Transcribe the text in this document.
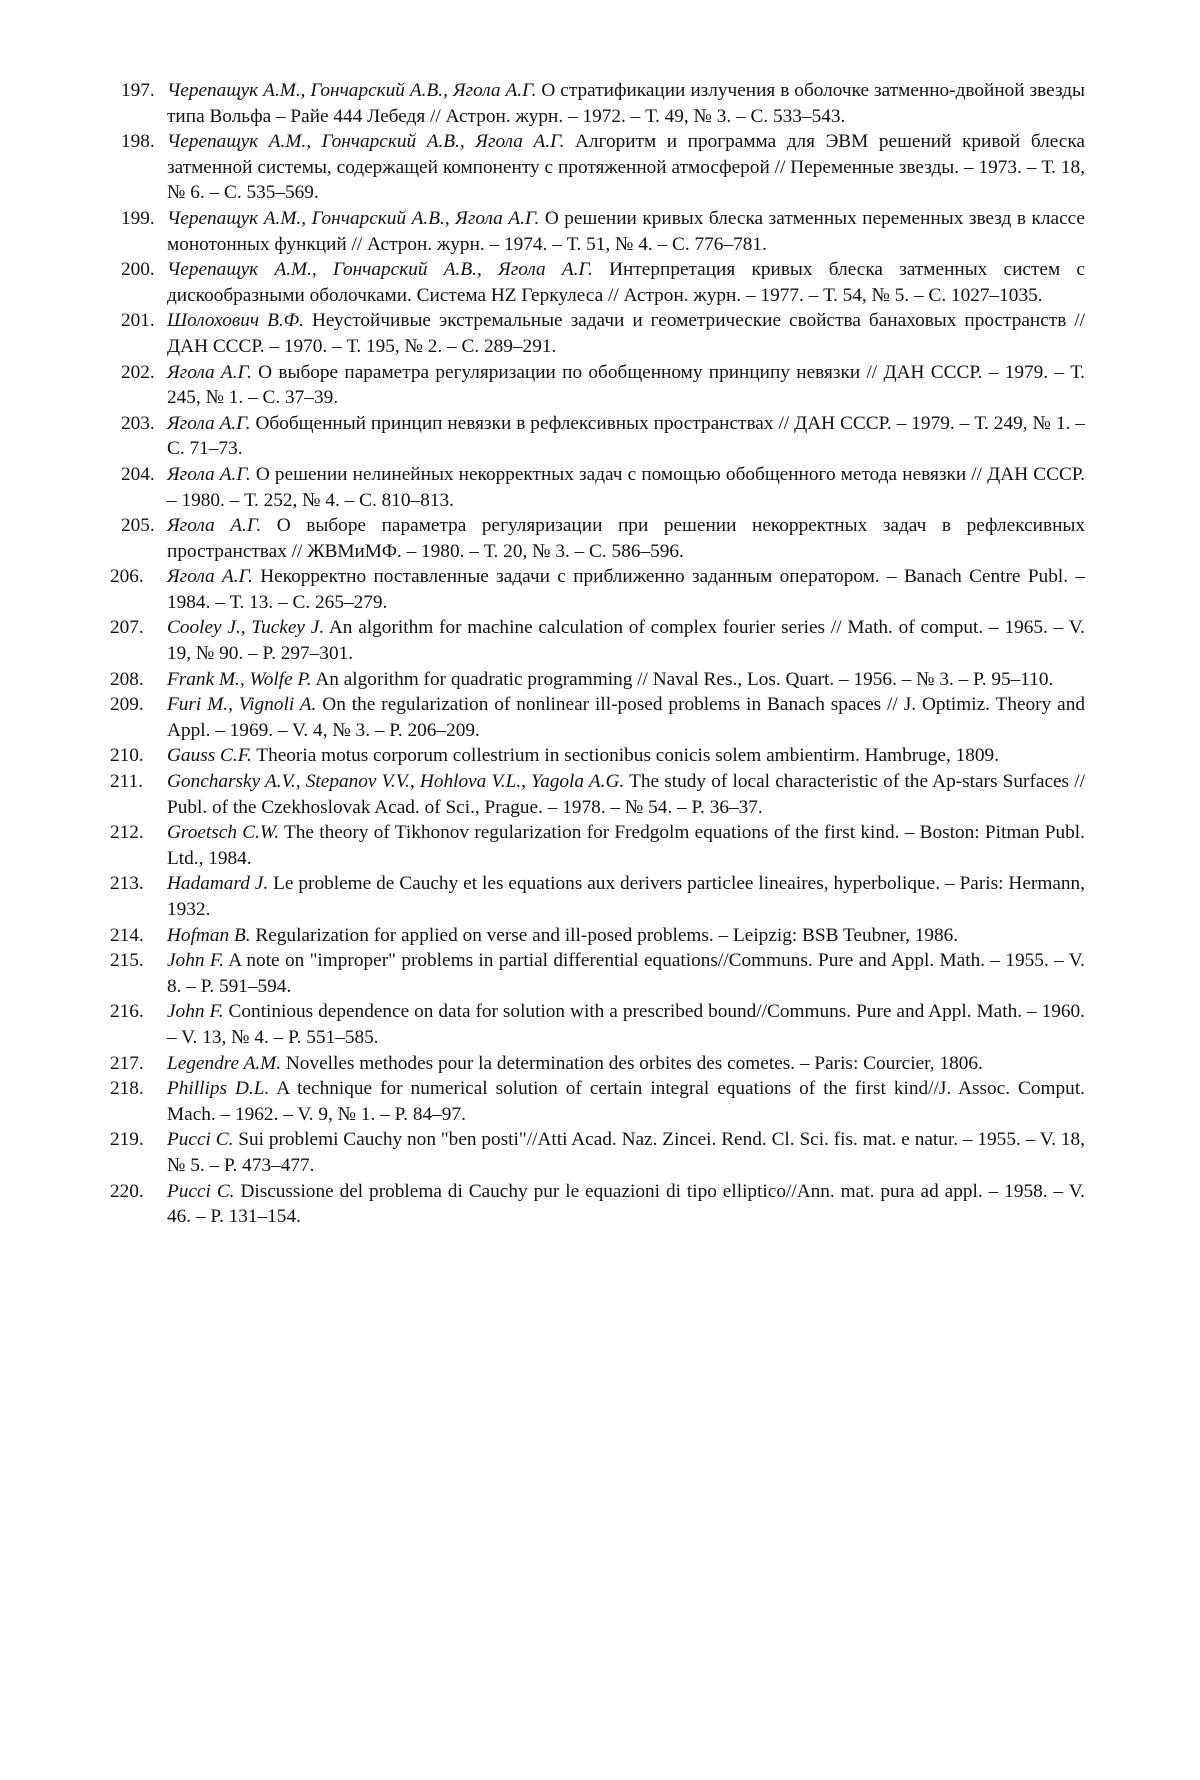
197. Черепащук А.М., Гончарский А.В., Ягола А.Г. О стратификации излучения в оболочке затменно-двойной звезды типа Вольфа – Райе 444 Лебедя // Астрон. журн. – 1972. – Т. 49, № 3. – С. 533–543.
198. Черепащук А.М., Гончарский А.В., Ягола А.Г. Алгоритм и программа для ЭВМ решений кривой блеска затменной системы, содержащей компоненту с протяженной атмосферой // Переменные звезды. – 1973. – Т. 18, № 6. – С. 535–569.
199. Черепащук А.М., Гончарский А.В., Ягола А.Г. О решении кривых блеска затменных переменных звезд в классе монотонных функций // Астрон. журн. – 1974. – Т. 51, № 4. – С. 776–781.
200. Черепащук А.М., Гончарский А.В., Ягола А.Г. Интерпретация кривых блеска затменных систем с дискообразными оболочками. Система HZ Геркулеса // Астрон. журн. – 1977. – Т. 54, № 5. – С. 1027–1035.
201. Шолохович В.Ф. Неустойчивые экстремальные задачи и геометрические свойства банаховых пространств // ДАН СССР. – 1970. – Т. 195, № 2. – С. 289–291.
202. Ягола А.Г. О выборе параметра регуляризации по обобщенному принципу невязки // ДАН СССР. – 1979. – Т. 245, № 1. – С. 37–39.
203. Ягола А.Г. Обобщенный принцип невязки в рефлексивных пространствах // ДАН СССР. – 1979. – Т. 249, № 1. – С. 71–73.
204. Ягола А.Г. О решении нелинейных некорректных задач с помощью обобщенного метода невязки // ДАН СССР. – 1980. – Т. 252, № 4. – С. 810–813.
205. Ягола А.Г. О выборе параметра регуляризации при решении некорректных задач в рефлексивных пространствах // ЖВМиМФ. – 1980. – Т. 20, № 3. – С. 586–596.
206.	Ягола А.Г. Некорректно поставленные задачи с приближенно заданным оператором. – Banach Centre Publ. – 1984. – Т. 13. – С. 265–279.
207.	Cooley J., Tuckey J. An algorithm for machine calculation of complex fourier series // Math. of comput. – 1965. – V. 19, № 90. – P. 297–301.
208.	Frank M., Wolfe P. An algorithm for quadratic programming // Naval Res., Los. Quart. – 1956. – № 3. – P. 95–110.
209.	Furi M., Vignoli A. On the regularization of nonlinear ill-posed problems in Banach spaces // J. Optimiz. Theory and Appl. – 1969. – V. 4, № 3. – P. 206–209.
210.	Gauss C.F. Theoria motus corporum collestrium in sectionibus conicis solem ambientirm. Hambruge, 1809.
211.	Goncharsky A.V., Stepanov V.V., Hohlova V.L., Yagola A.G. The study of local characteristic of the Ap-stars Surfaces // Publ. of the Czekhoslovak Acad. of Sci., Prague. – 1978. – № 54. – P. 36–37.
212.	Groetsch C.W. The theory of Tikhonov regularization for Fredgolm equations of the first kind. – Boston: Pitman Publ. Ltd., 1984.
213.	Hadamard J. Le probleme de Cauchy et les equations aux derivers particlee lineaires, hyperbolique. – Paris: Hermann, 1932.
214.	Hofman B. Regularization for applied on verse and ill-posed problems. – Leipzig: BSB Teubner, 1986.
215.	John F. A note on "improper" problems in partial differential equations//Communs. Pure and Appl. Math. – 1955. – V. 8. – P. 591–594.
216.	John F. Continious dependence on data for solution with a prescribed bound//Communs. Pure and Appl. Math. – 1960. – V. 13, № 4. – P. 551–585.
217.	Legendre A.M. Novelles methodes pour la determination des orbites des cometes. – Paris: Courcier, 1806.
218.	Phillips D.L. A technique for numerical solution of certain integral equations of the first kind//J. Assoc. Comput. Mach. – 1962. – V. 9, № 1. – P. 84–97.
219.	Pucci C. Sui problemi Cauchy non "ben posti"//Atti Acad. Naz. Zincei. Rend. Cl. Sci. fis. mat. e natur. – 1955. – V. 18, № 5. – P. 473–477.
220.	Pucci C. Discussione del problema di Cauchy pur le equazioni di tipo ellipticо//Ann. mat. pura ad appl. – 1958. – V. 46. – P. 131–154.
